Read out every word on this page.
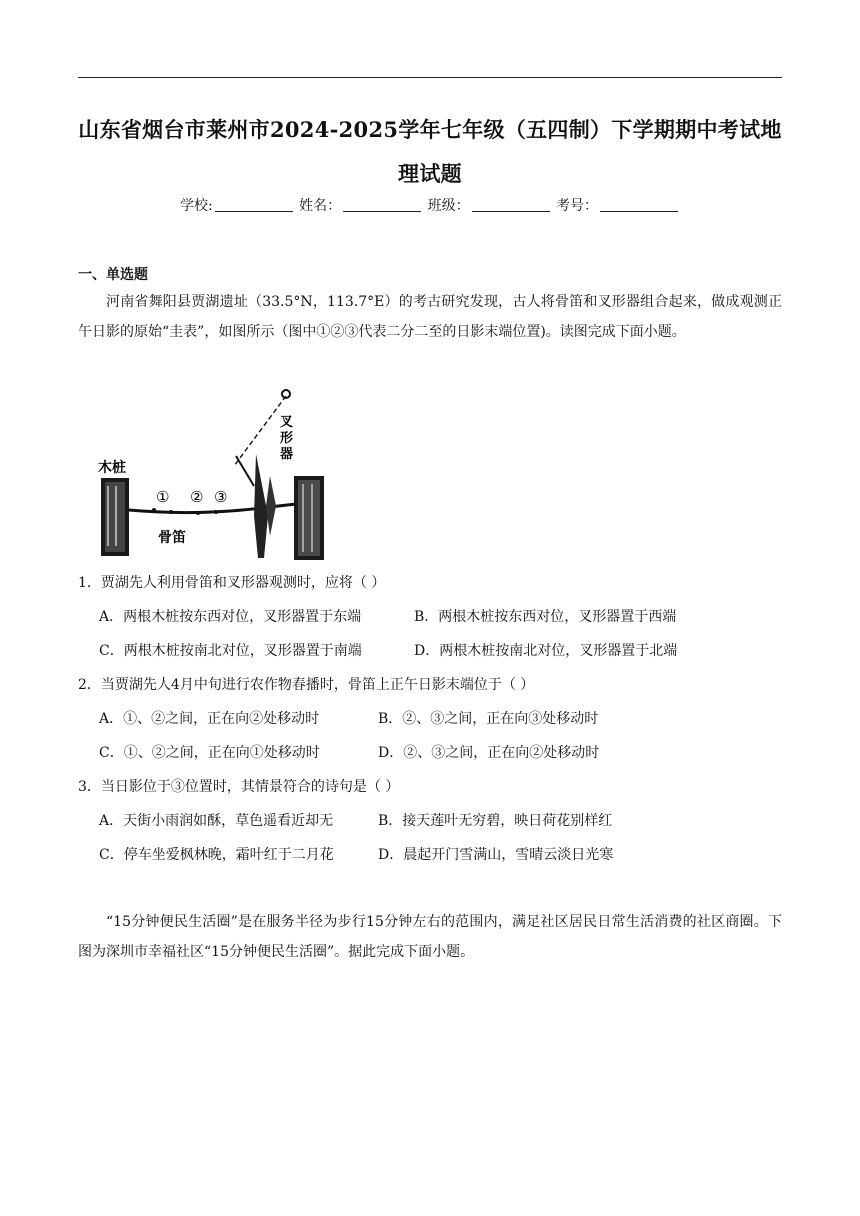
山东省烟台市莱州市2024-2025学年七年级（五四制）下学期期中考试地理试题
学校:	姓名：	班级：	考号：
一、单选题
河南省舞阳县贾湖遗址（33.5°N，113.7°E）的考古研究发现，古人将骨笛和叉形器组合起来，做成观测正午日影的原始“圭表”，如图所示（图中①②③代表二分二至的日影末端位置)。读图完成下面小题。
木桩
① ② ③
骨笛
叉
形
器
1．贾湖先人利用骨笛和叉形器观测时，应将（ ）
A．两根木桩按东西对位，叉形器置于东端	B．两根木桩按东西对位，叉形器置于西端
C．两根木桩按南北对位，叉形器置于南端	D．两根木桩按南北对位，叉形器置于北端
2．当贾湖先人4月中旬进行农作物春播时，骨笛上正午日影末端位于（ ）
A．①、②之间，正在向②处移动时	B．②、③之间，正在向③处移动时
C．①、②之间，正在向①处移动时	D．②、③之间，正在向②处移动时
3．当日影位于③位置时，其情景符合的诗句是（ ）
A．天街小雨润如酥，草色遥看近却无	B．接天莲叶无穷碧，映日荷花别样红
C．停车坐爱枫林晚，霜叶红于二月花	D．晨起开门雪满山，雪晴云淡日光寒
“15分钟便民生活圈”是在服务半径为步行15分钟左右的范围内，满足社区居民日常生活消费的社区商圈。下图为深圳市幸福社区“15分钟便民生活圈”。据此完成下面小题。
